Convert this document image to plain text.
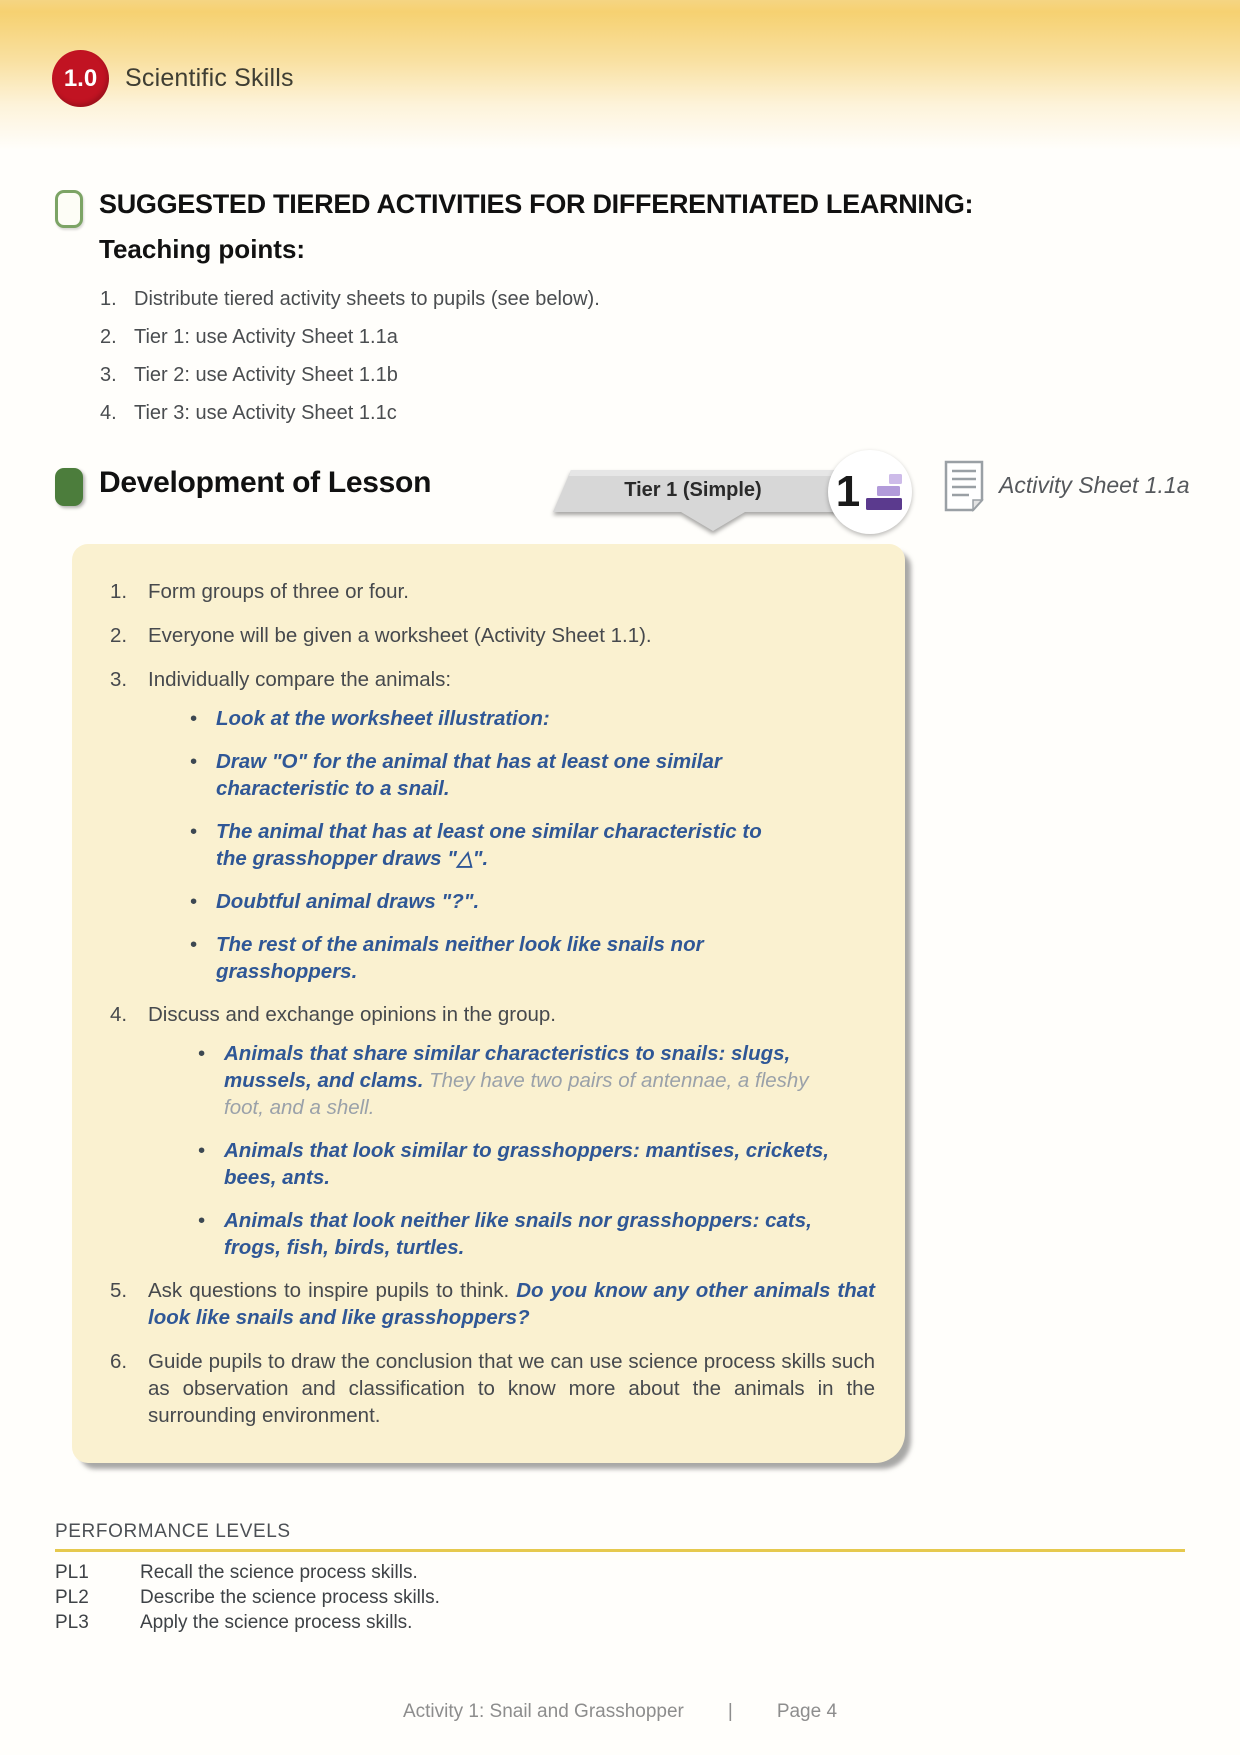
1.0 Scientific Skills
SUGGESTED TIERED ACTIVITIES FOR DIFFERENTIATED LEARNING:
Teaching points:
1. Distribute tiered activity sheets to pupils (see below).
2. Tier 1: use Activity Sheet 1.1a
3. Tier 2: use Activity Sheet 1.1b
4. Tier 3: use Activity Sheet 1.1c
Development of Lesson	Tier 1 (Simple)	1	Activity Sheet 1.1a
1.	Form groups of three or four.
2.	Everyone will be given a worksheet (Activity Sheet 1.1).
3.	Individually compare the animals:
• Look at the worksheet illustration:
• Draw "O" for the animal that has at least one similar characteristic to a snail.
• The animal that has at least one similar characteristic to the grasshopper draws "△".
• Doubtful animal draws "?".
• The rest of the animals neither look like snails nor grasshoppers.
4.	Discuss and exchange opinions in the group.
• Animals that share similar characteristics to snails: slugs, mussels, and clams. They have two pairs of antennae, a fleshy foot, and a shell.
• Animals that look similar to grasshoppers: mantises, crickets, bees, ants.
• Animals that look neither like snails nor grasshoppers: cats, frogs, fish, birds, turtles.
5.	Ask questions to inspire pupils to think. Do you know any other animals that look like snails and like grasshoppers?
6.	Guide pupils to draw the conclusion that we can use science process skills such as observation and classification to know more about the animals in the surrounding environment.
PERFORMANCE LEVELS
PL1	Recall the science process skills.
PL2	Describe the science process skills.
PL3	Apply the science process skills.
Activity 1: Snail and Grasshopper | Page 4
